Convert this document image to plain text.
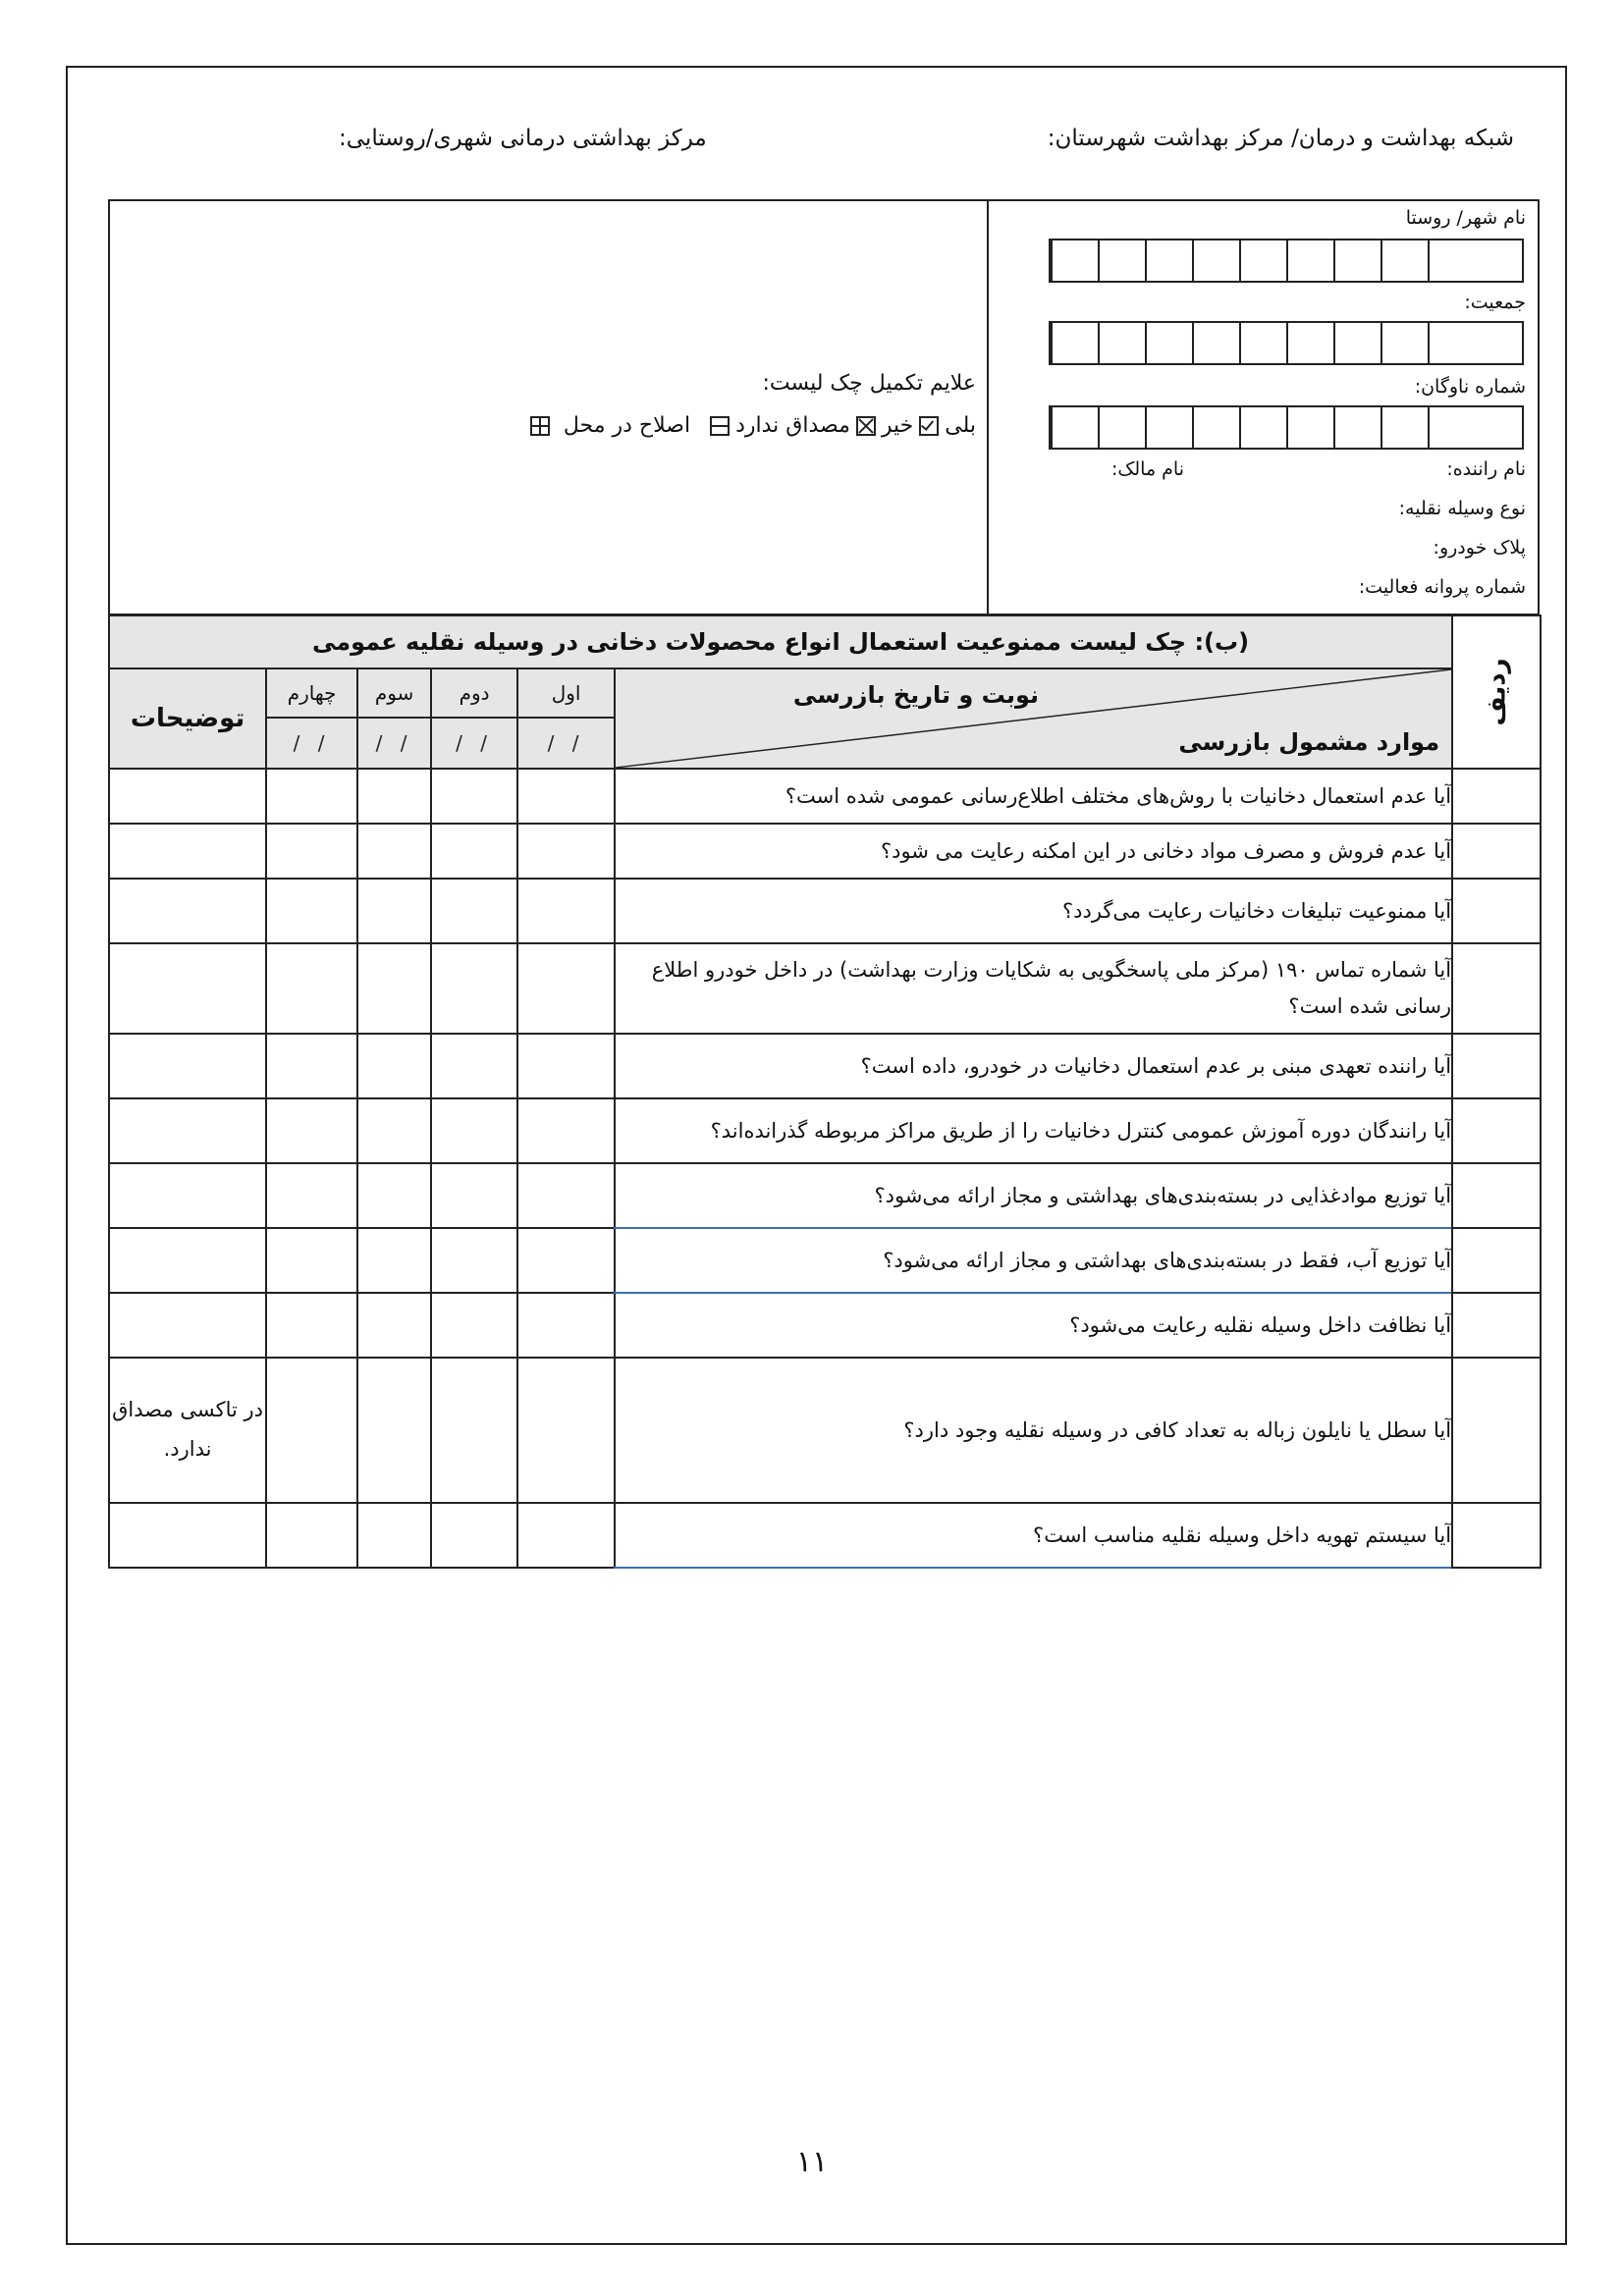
شبکه بهداشت و درمان/ مرکز بهداشت شهرستان:
مرکز بهداشتی درمانی شهری/روستایی:
نام شهر/ روستا
جمعیت:
شماره ناوگان:
نام راننده:
نام مالک:
نوع وسیله نقلیه:
پلاک خودرو:
شماره پروانه فعالیت:
علایم تکمیل چک لیست:
بلی
خیر
مصداق ندارد
اصلاح در محل
ردیف	(ب): چک لیست ممنوعیت استعمال انواع محصولات دخانی در وسیله نقلیه عمومی					

	نوبت و تاریخ بازرسی
موارد مشمول بازرسی	اول	دوم	سوم	چهارم	توضیحات
		/ /	/ /	/ /	/ /	
	آیا عدم استعمال دخانیات با روش‌های مختلف اطلاع‌رسانی عمومی شده است؟					
	آیا عدم فروش و مصرف مواد دخانی در این امکنه رعایت می شود؟					
	آیا ممنوعیت تبلیغات دخانیات رعایت می‌گردد؟					
	آیا شماره تماس ۱۹۰ (مرکز ملی پاسخگویی به شکایات وزارت بهداشت) در داخل خودرو اطلاع رسانی شده است؟					
	آیا راننده تعهدی مبنی بر عدم استعمال دخانیات در خودرو، داده است؟					
	آیا رانندگان دوره آموزش عمومی کنترل دخانیات را از طریق مراکز مربوطه گذرانده‌اند؟					
	آیا توزیع موادغذایی در بسته‌بندی‌های بهداشتی و مجاز ارائه می‌شود؟					
	آیا توزیع آب، فقط در بسته‌بندی‌های بهداشتی و مجاز ارائه می‌شود؟					
	آیا نظافت داخل وسیله نقلیه رعایت می‌شود؟					
	آیا سطل یا نایلون زباله به تعداد کافی در وسیله نقلیه وجود دارد؟					در تاکسی مصداق ندارد.
	آیا سیستم تهویه داخل وسیله نقلیه مناسب است؟					
۱۱
